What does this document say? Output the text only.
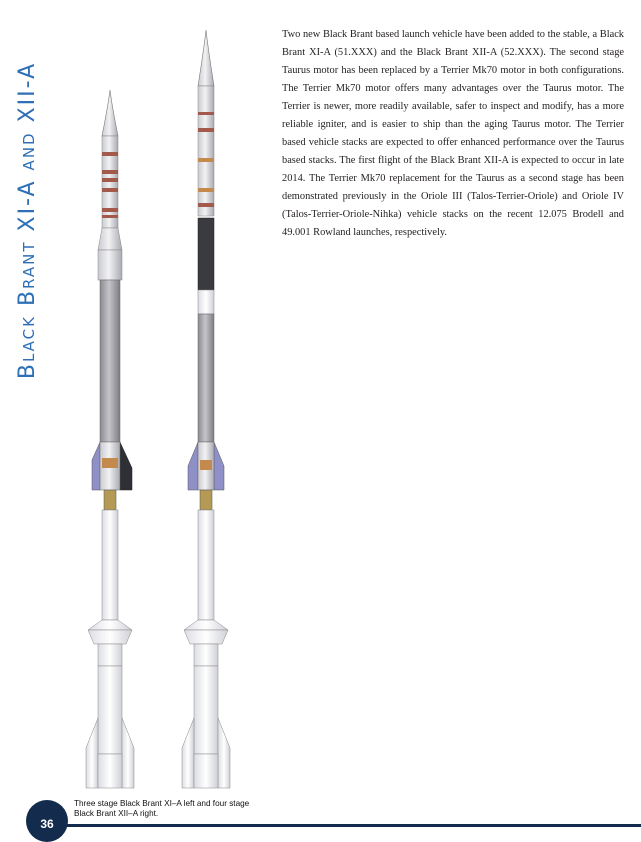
Black Brant XI-A and XII-A
Two new Black Brant based launch vehicle have been added to the stable, a Black Brant XI-A (51.XXX) and the Black Brant XII-A (52.XXX). The second stage Taurus motor has been replaced by a Terrier Mk70 motor in both configurations. The Terrier Mk70 motor offers many advantages over the Taurus motor. The Terrier is newer, more readily available, safer to inspect and modify, has a more reliable igniter, and is easier to ship than the aging Taurus motor. The Terrier based vehicle stacks are expected to offer enhanced performance over the Taurus based stacks. The first flight of the Black Brant XII-A is expected to occur in late 2014. The Terrier Mk70 replacement for the Taurus as a second stage has been demonstrated previously in the Oriole III (Talos-Terrier-Oriole) and Oriole IV (Talos-Terrier-Oriole-Nihka) vehicle stacks on the recent 12.075 Brodell and 49.001 Rowland launches, respectively.
Three stage Black Brant XI–A left and four stage
Black Brant XII–A right.
36
